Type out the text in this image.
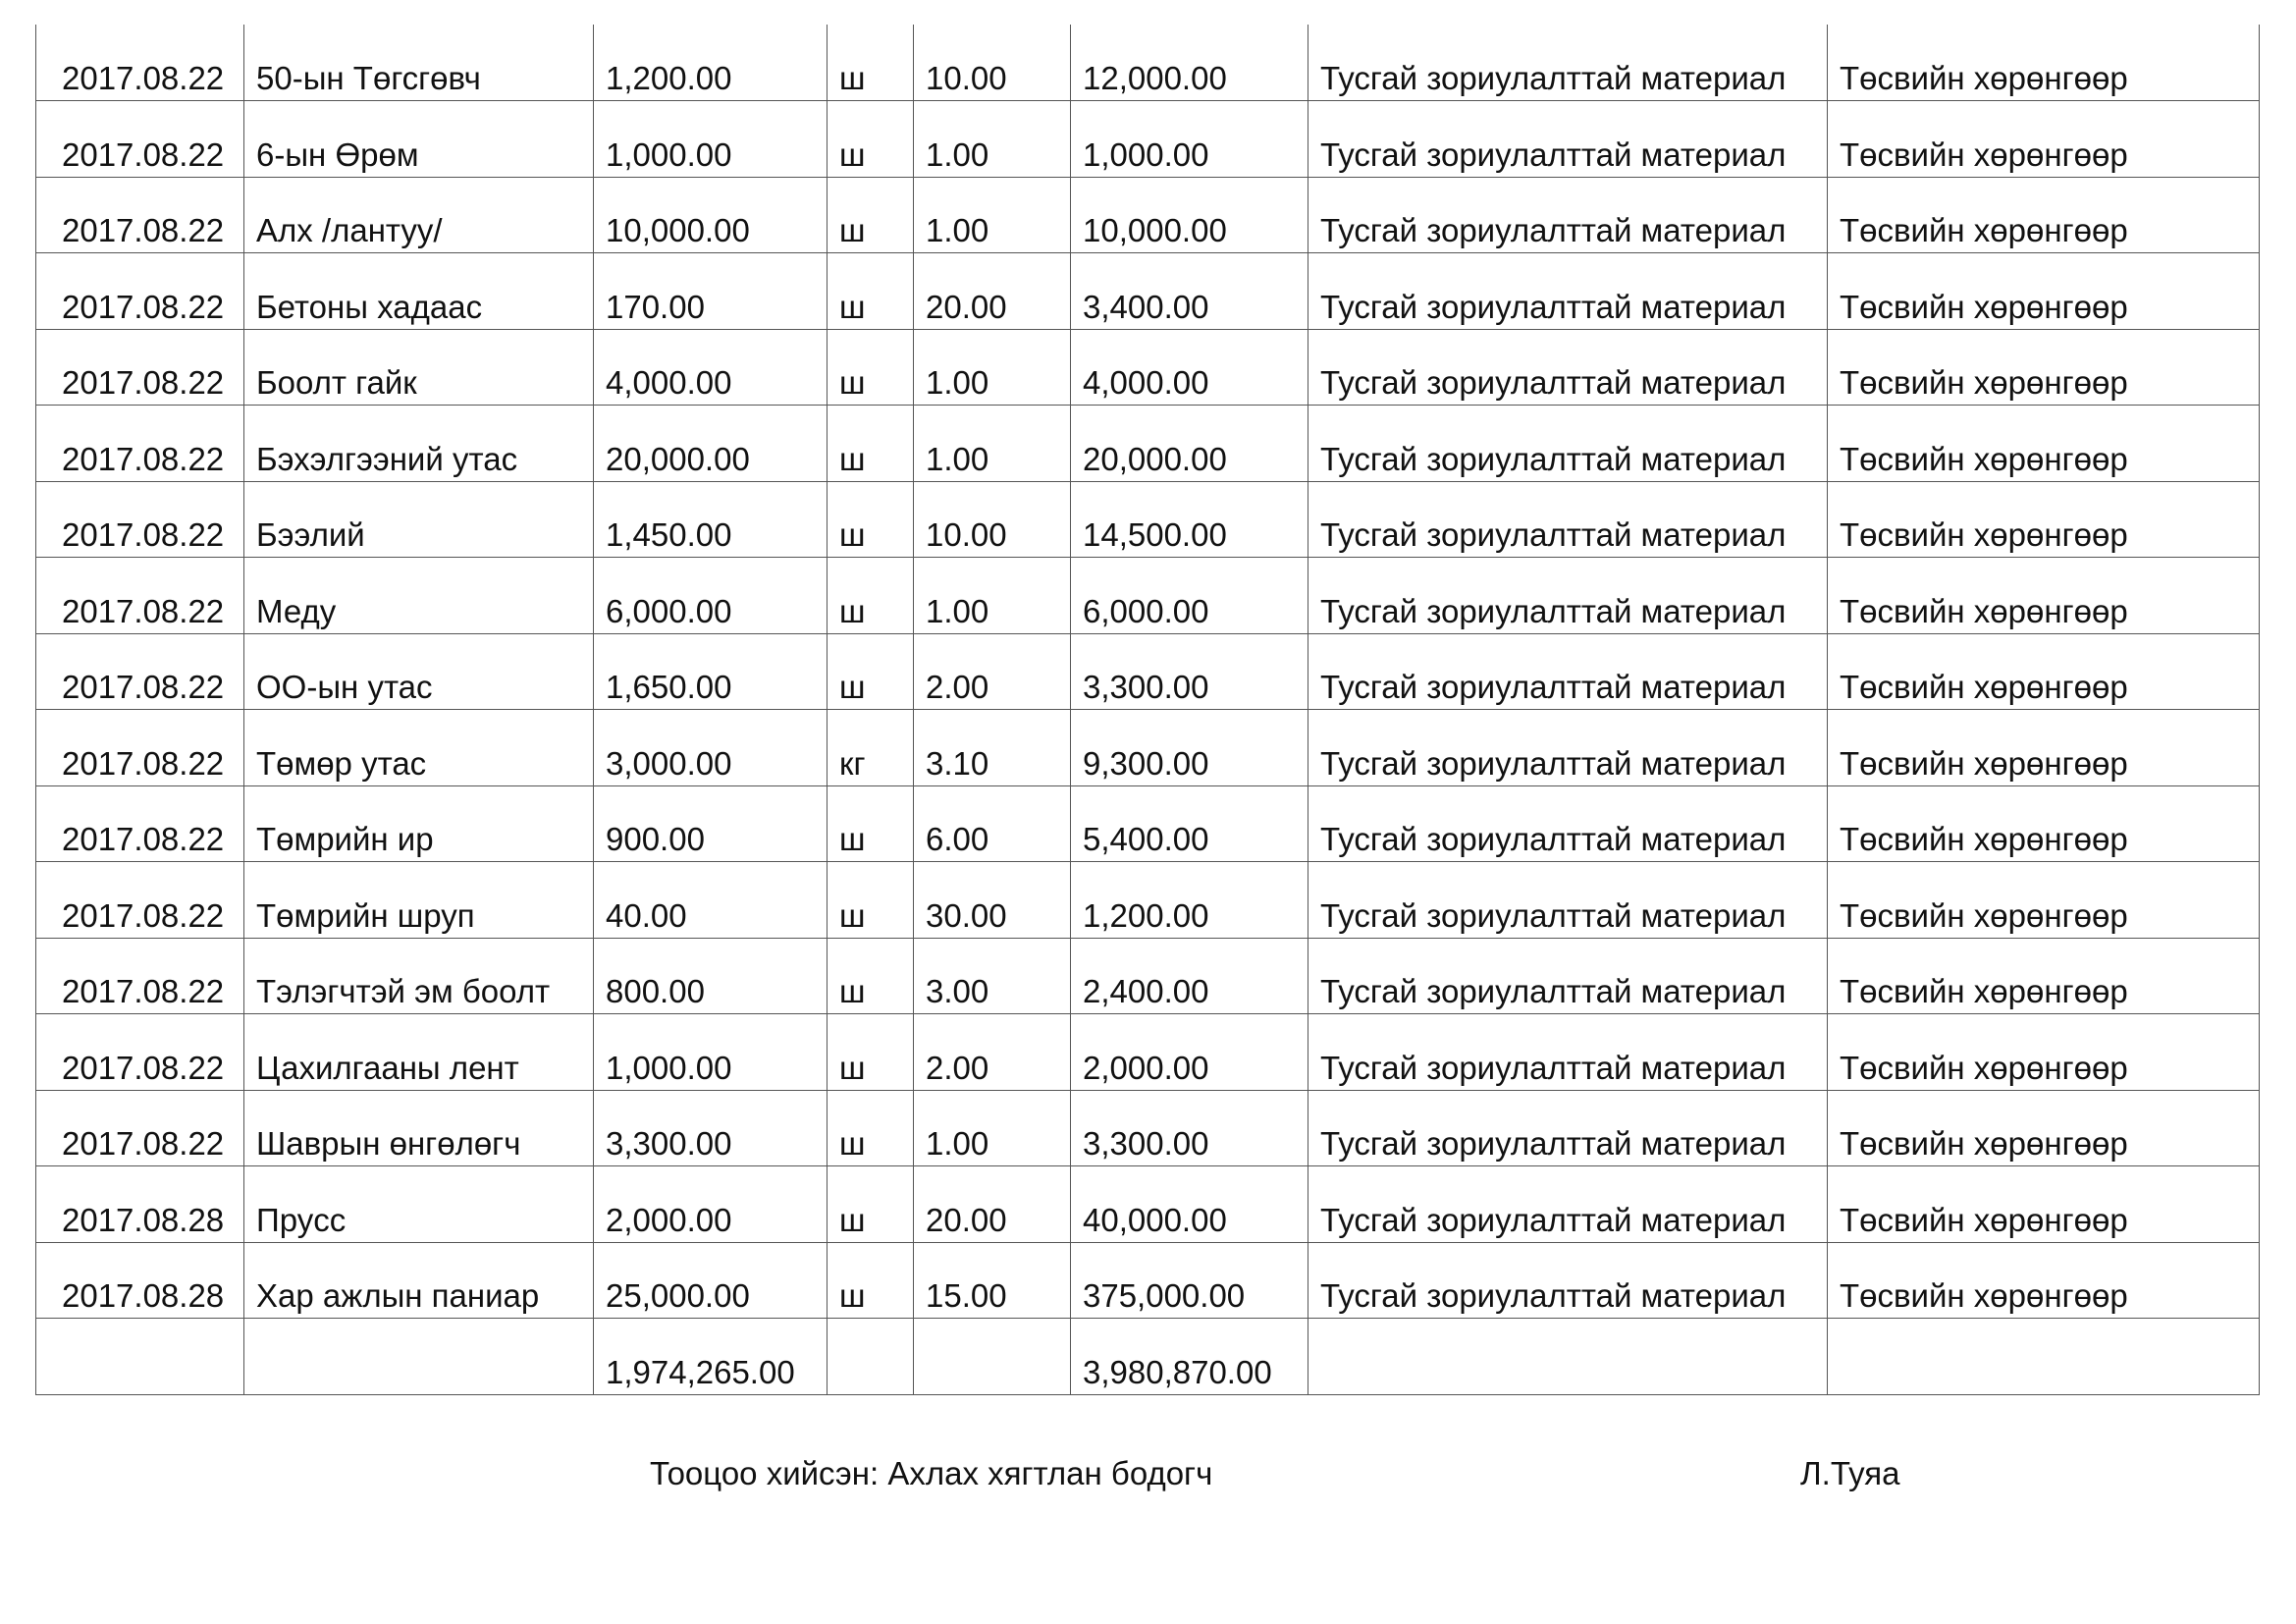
2017.08.22	50-ын Төгсгөвч	1,200.00	ш	10.00	12,000.00	Тусгай зориулалттай материал	Төсвийн хөрөнгөөр
2017.08.22	6-ын Өрөм	1,000.00	ш	1.00	1,000.00	Тусгай зориулалттай материал	Төсвийн хөрөнгөөр
2017.08.22	Алх /лантуу/	10,000.00	ш	1.00	10,000.00	Тусгай зориулалттай материал	Төсвийн хөрөнгөөр
2017.08.22	Бетоны хадаас	170.00	ш	20.00	3,400.00	Тусгай зориулалттай материал	Төсвийн хөрөнгөөр
2017.08.22	Боолт гайк	4,000.00	ш	1.00	4,000.00	Тусгай зориулалттай материал	Төсвийн хөрөнгөөр
2017.08.22	Бэхэлгээний утас	20,000.00	ш	1.00	20,000.00	Тусгай зориулалттай материал	Төсвийн хөрөнгөөр
2017.08.22	Бээлий	1,450.00	ш	10.00	14,500.00	Тусгай зориулалттай материал	Төсвийн хөрөнгөөр
2017.08.22	Меду	6,000.00	ш	1.00	6,000.00	Тусгай зориулалттай материал	Төсвийн хөрөнгөөр
2017.08.22	ОО-ын утас	1,650.00	ш	2.00	3,300.00	Тусгай зориулалттай материал	Төсвийн хөрөнгөөр
2017.08.22	Төмөр утас	3,000.00	кг	3.10	9,300.00	Тусгай зориулалттай материал	Төсвийн хөрөнгөөр
2017.08.22	Төмрийн ир	900.00	ш	6.00	5,400.00	Тусгай зориулалттай материал	Төсвийн хөрөнгөөр
2017.08.22	Төмрийн шруп	40.00	ш	30.00	1,200.00	Тусгай зориулалттай материал	Төсвийн хөрөнгөөр
2017.08.22	Тэлэгчтэй эм боолт	800.00	ш	3.00	2,400.00	Тусгай зориулалттай материал	Төсвийн хөрөнгөөр
2017.08.22	Цахилгааны лент	1,000.00	ш	2.00	2,000.00	Тусгай зориулалттай материал	Төсвийн хөрөнгөөр
2017.08.22	Шаврын өнгөлөгч	3,300.00	ш	1.00	3,300.00	Тусгай зориулалттай материал	Төсвийн хөрөнгөөр
2017.08.28	Пруcс	2,000.00	ш	20.00	40,000.00	Тусгай зориулалттай материал	Төсвийн хөрөнгөөр
2017.08.28	Хар ажлын паниар	25,000.00	ш	15.00	375,000.00	Тусгай зориулалттай материал	Төсвийн хөрөнгөөр
		1,974,265.00			3,980,870.00		
Тооцоо хийсэн: Ахлах хягтлан бодогч	Л.Туяа
